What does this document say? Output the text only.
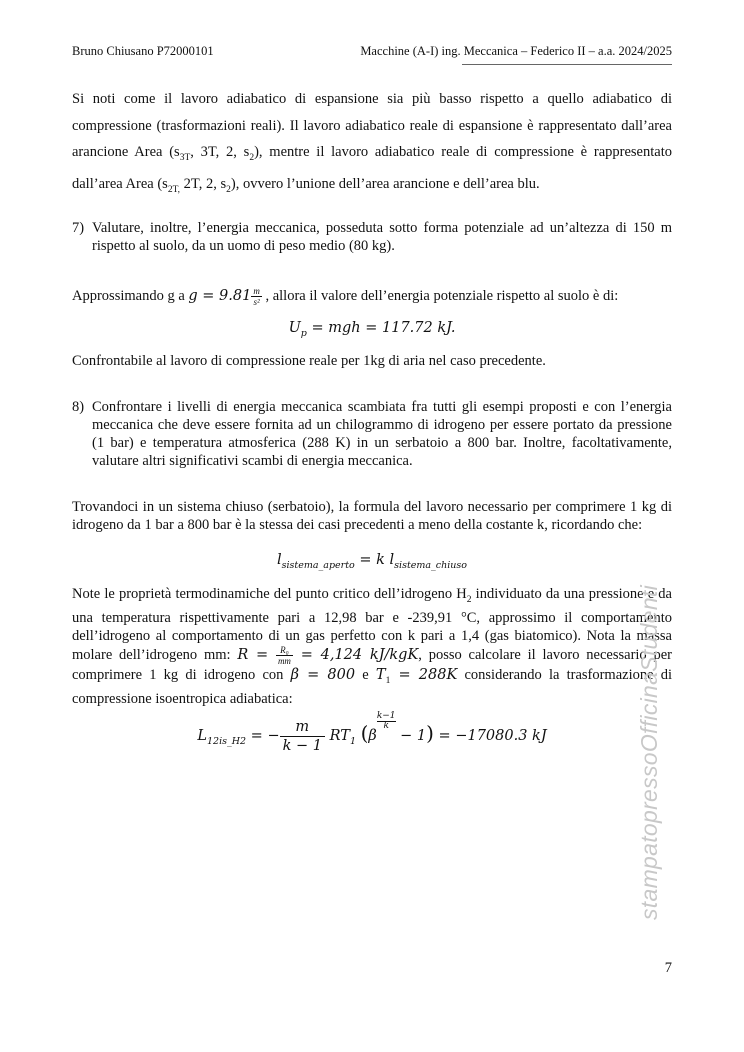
Bruno Chiusano P72000101	Macchine (A-I) ing. Meccanica – Federico II – a.a. 2024/2025
Si noti come il lavoro adiabatico di espansione sia più basso rispetto a quello adiabatico di compressione (trasformazioni reali). Il lavoro adiabatico reale di espansione è rappresentato dall’area arancione Area ($s_{3T}$, 3T, 2, $s_2$), mentre il lavoro adiabatico reale di compressione è rappresentato dall’area Area ($s_{2T,}$ 2T, 2, $s_2$), ovvero l’unione dell’area arancione e dell’area blu.
7) Valutare, inoltre, l’energia meccanica, posseduta sotto forma potenziale ad un’altezza di 150 m rispetto al suolo, da un uomo di peso medio (80 kg).
Approssimando g a $g = 9.81 \frac{m}{\text{s²}}$ , allora il valore dell’energia potenziale rispetto al suolo è di:
$U_p$ = mgh = 117.72 kJ.
Confrontabile al lavoro di compressione reale per 1kg di aria nel caso precedente.
8) Confrontare i livelli di energia meccanica scambiata fra tutti gli esempi proposti e con l’energia meccanica che deve essere fornita ad un chilogrammo di idrogeno per essere portato da pressione (1 bar) e temperatura atmosferica (288 K) in un serbatoio a 800 bar. Inoltre, facoltativamente, valutare altri significativi scambi di energia meccanica.
Trovandoci in un sistema chiuso (serbatoio), la formula del lavoro necessario per comprimere 1 kg di idrogeno da 1 bar a 800 bar è la stessa dei casi precedenti a meno della costante k, ricordando che:
$l_{sistema\_aperto} = k$ $l_{sistema\_chiuso}$
Note le proprietà termodinamiche del punto critico dell’idrogeno $H_2$ individuato da una pressione e da una temperatura rispettivamente pari a 12,98 bar e -239,91 °C, approssimo il comportamento dell’idrogeno al comportamento di un gas perfetto con k pari a 1,4 (gas biatomico). Nota la massa molare dell’idrogeno mm: $R = \frac{\text{R₀}}{mm} = 4,124$ kJ/kgK, posso calcolare il lavoro necessario per comprimere 1 kg di idrogeno con β = 800 e $T_1 = 288K$ considerando la trasformazione di compressione isoentropica adiabatica:
$L_{12is\_H2}$ = − $\frac{m}{k - 1} RT_1$ (β
$^{\frac{k-1}{k}}$
− 1) = −17080.3 kJ	stampatopressoOfficinaStudenti
7
